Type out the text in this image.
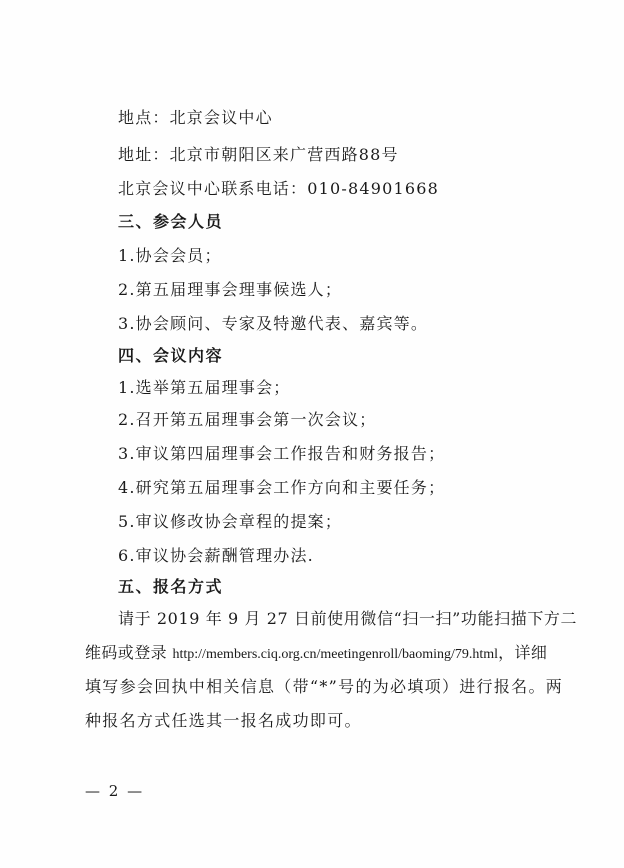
地点：北京会议中心
地址：北京市朝阳区来广营西路88号
北京会议中心联系电话：010-84901668
三、参会人员
1.协会会员；
2.第五届理事会理事候选人；
3.协会顾问、专家及特邀代表、嘉宾等。
四、会议内容
1.选举第五届理事会；
2.召开第五届理事会第一次会议；
3.审议第四届理事会工作报告和财务报告；
4.研究第五届理事会工作方向和主要任务；
5.审议修改协会章程的提案；
6.审议协会薪酬管理办法.
五、报名方式
请于 2019 年 9 月 27 日前使用微信“扫一扫”功能扫描下方二
维码或登录 http://members.ciq.org.cn/meetingenroll/baoming/79.html，详细
填写参会回执中相关信息（带“*”号的为必填项）进行报名。两
种报名方式任选其一报名成功即可。
— 2 —
